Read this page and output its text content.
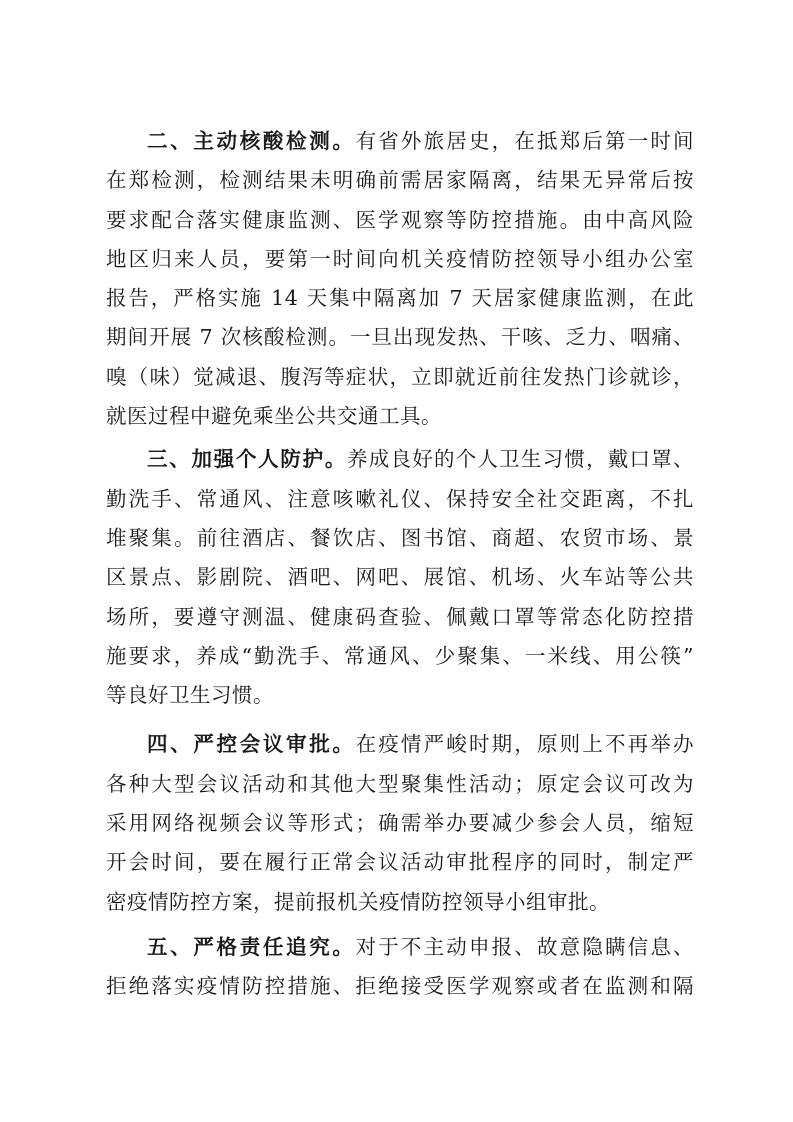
二、主动核酸检测。有省外旅居史，在抵郑后第一时间
在郑检测，检测结果未明确前需居家隔离，结果无异常后按
要求配合落实健康监测、医学观察等防控措施。由中高风险
地区归来人员，要第一时间向机关疫情防控领导小组办公室
报告，严格实施 14 天集中隔离加 7 天居家健康监测，在此
期间开展 7 次核酸检测。一旦出现发热、干咳、乏力、咽痛、
嗅（味）觉减退、腹泻等症状，立即就近前往发热门诊就诊，
就医过程中避免乘坐公共交通工具。
三、加强个人防护。养成良好的个人卫生习惯，戴口罩、
勤洗手、常通风、注意咳嗽礼仪、保持安全社交距离，不扎
堆聚集。前往酒店、餐饮店、图书馆、商超、农贸市场、景
区景点、影剧院、酒吧、网吧、展馆、机场、火车站等公共
场所，要遵守测温、健康码查验、佩戴口罩等常态化防控措
施要求，养成“勤洗手、常通风、少聚集、一米线、用公筷”
等良好卫生习惯。
四、严控会议审批。在疫情严峻时期，原则上不再举办
各种大型会议活动和其他大型聚集性活动；原定会议可改为
采用网络视频会议等形式；确需举办要减少参会人员，缩短
开会时间，要在履行正常会议活动审批程序的同时，制定严
密疫情防控方案，提前报机关疫情防控领导小组审批。
五、严格责任追究。对于不主动申报、故意隐瞒信息、
拒绝落实疫情防控措施、拒绝接受医学观察或者在监测和隔
